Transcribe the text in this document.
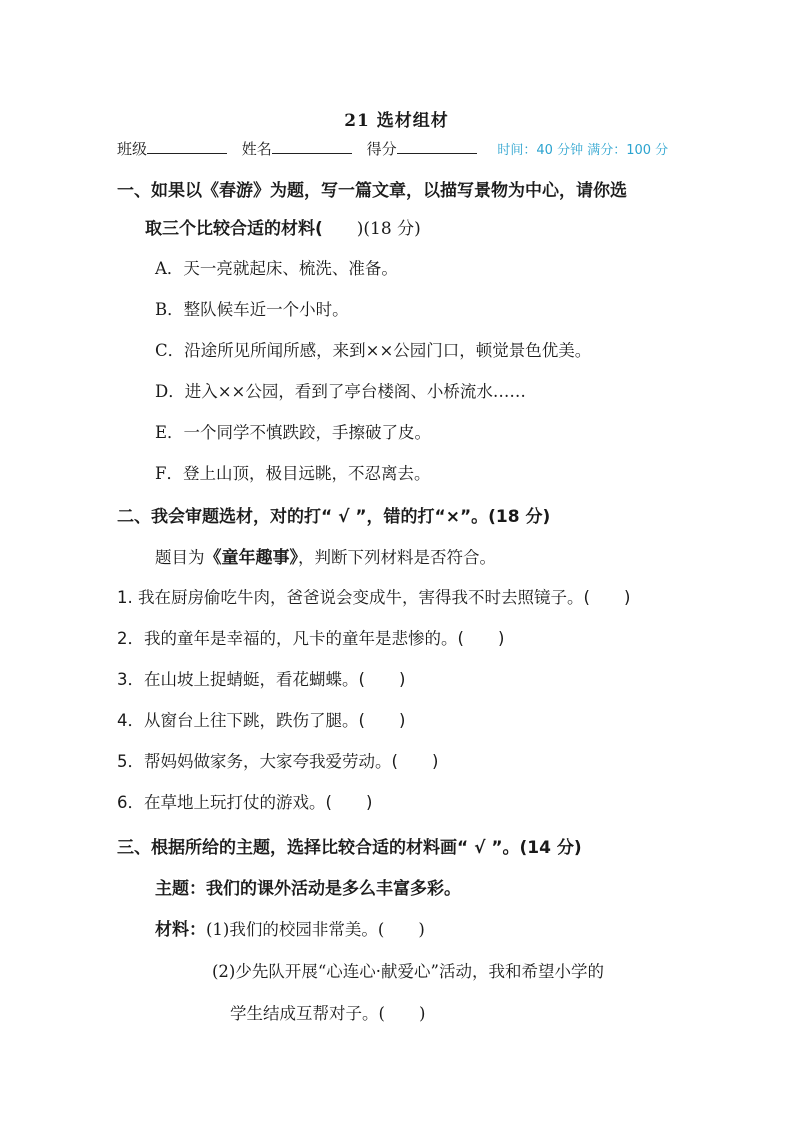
21 选材组材
班级	姓名	得分	时间：40 分钟 满分：100 分
一、如果以《春游》为题，写一篇文章，以描写景物为中心，请你选
取三个比较合适的材料( )(18 分)
A．天一亮就起床、梳洗、准备。
B．整队候车近一个小时。
C．沿途所见所闻所感，来到××公园门口，顿觉景色优美。
D．进入××公园，看到了亭台楼阁、小桥流水……
E．一个同学不慎跌跤，手擦破了皮。
F．登上山顶，极目远眺，不忍离去。
二、我会审题选材，对的打“ √ ”，错的打“×”。(18 分)
题目为《童年趣事》，判断下列材料是否符合。
1. 我在厨房偷吃牛肉，爸爸说会变成牛，害得我不时去照镜子。( )
2．我的童年是幸福的，凡卡的童年是悲惨的。( )
3．在山坡上捉蜻蜓，看花蝴蝶。( )
4．从窗台上往下跳，跌伤了腿。( )
5．帮妈妈做家务，大家夸我爱劳动。( )
6．在草地上玩打仗的游戏。( )
三、根据所给的主题，选择比较合适的材料画“ √ ”。(14 分)
主题：我们的课外活动是多么丰富多彩。
材料：(1)我们的校园非常美。( )
(2)少先队开展“心连心·献爱心”活动，我和希望小学的
学生结成互帮对子。( )
